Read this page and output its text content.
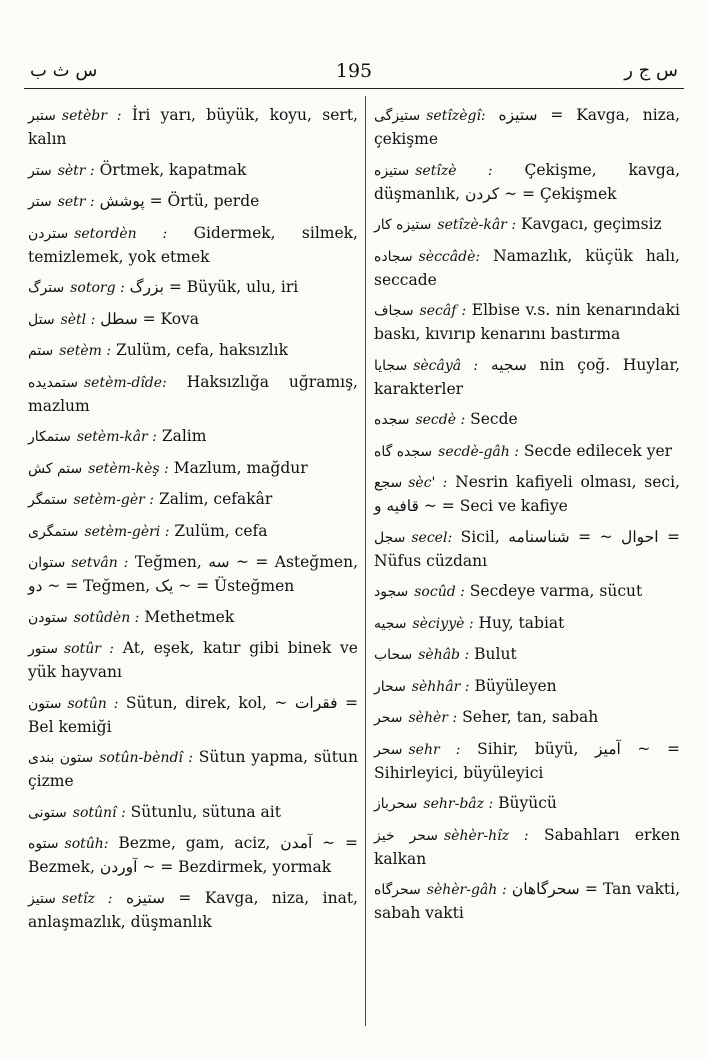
س ث ب	195	س ج ر
ستبر setèbr : İri yarı, büyük, koyu, sert, kalın
ستر sètr : Örtmek, kapatmak
ستر setr : پوشش = Örtü, perde
ستردن setordèn : Gidermek, silmek, temizlemek, yok etmek
سترگ sotorg : بزرگ = Büyük, ulu, iri
ستل sètl : سطل = Kova
ستم setèm : Zulüm, cefa, haksızlık
ستمدیده setèm-dîde: Haksızlığa uğramış, mazlum
ستمكار setèm-kâr : Zalim
ستم كش setèm-kèş : Mazlum, mağdur
ستمگر setèm-gèr : Zalim, cefakâr
ستمگری setèm-gèri : Zulüm, cefa
ستوان setvân : Teğmen, سه ~ = Asteğmen, دو ~ = Teğmen, یک ~ = Üsteğmen
ستودن sotûdèn : Methetmek
ستور sotûr : At, eşek, katır gibi binek ve yük hayvanı
ستون sotûn : Sütun, direk, kol, ~ فقرات = Bel kemiği
ستون بندی sotûn-bèndî : Sütun yapma, sütun çizme
ستونی sotûnî : Sütunlu, sütuna ait
ستوه sotûh: Bezme, gam, aciz, آمدن ~ = Bezmek, آوردن ~ = Bezdirmek, yormak
ستیز setîz : ستیزه = Kavga, niza, inat, anlaşmazlık, düşmanlık
ستیزگی setîzègî: ستیزه = Kavga, niza, çekişme
ستیزه setîzè : Çekişme, kavga, düşmanlık, کردن ~ = Çekişmek
ستیزه كار setîzè-kâr : Kavgacı, geçimsiz
سجاده sèccâdè: Namazlık, küçük halı, seccade
سجاف secâf : Elbise v.s. nin kenarındaki baskı, kıvırıp kenarını bastırma
سجایا sècâyâ : سجیه nin çoğ. Huylar, karakterler
سجده secdè : Secde
سجده گاه secdè-gâh : Secde edilecek yer
سجع sèc' : Nesrin kafiyeli olması, seci, قافیه و ~ = Seci ve kafiye
سجل secel: Sicil, احوال ~ = شناسنامه = Nüfus cüzdanı
سجود socûd : Secdeye varma, sücut
سجیه sèciyyè : Huy, tabiat
سحاب sèhâb : Bulut
سحار sèhhâr : Büyüleyen
سحر sèhèr : Seher, tan, sabah
سحر sehr : Sihir, büyü, آمیز ~ = Sihirleyici, büyüleyici
سحرباز sehr-bâz : Büyücü
سحر خیز sèhèr-hîz : Sabahları erken kalkan
سحرگاه sèhèr-gâh : سحرگاهان = Tan vakti, sabah vakti
